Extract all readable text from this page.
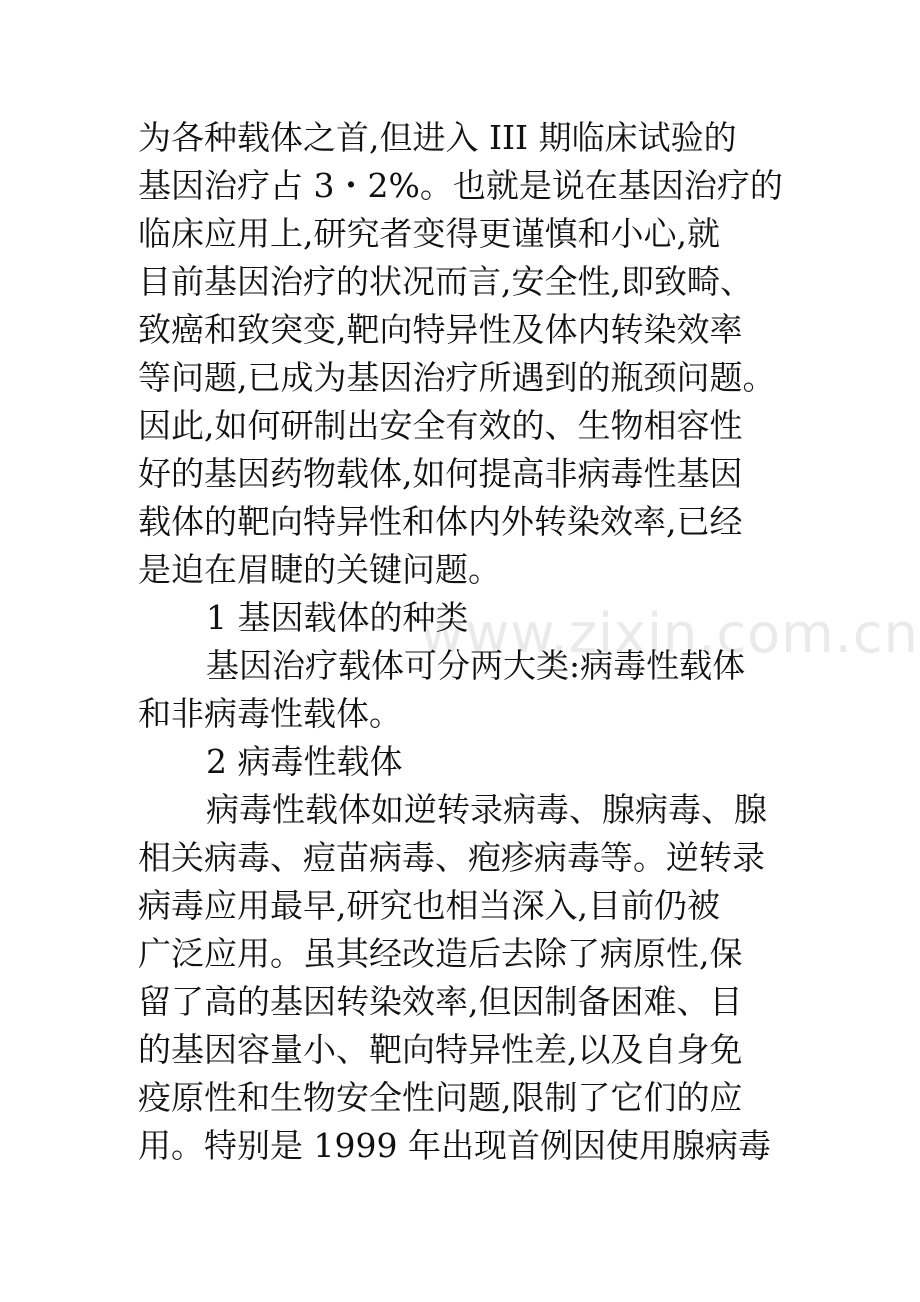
www.zixin.com.cn
为各种载体之首,但进入 III 期临床试验的
基因治疗占 3・2%。也就是说在基因治疗的
临床应用上,研究者变得更谨慎和小心,就
目前基因治疗的状况而言,安全性,即致畸、
致癌和致突变,靶向特异性及体内转染效率
等问题,已成为基因治疗所遇到的瓶颈问题。
因此,如何研制出安全有效的、生物相容性
好的基因药物载体,如何提高非病毒性基因
载体的靶向特异性和体内外转染效率,已经
是迫在眉睫的关键问题。
1 基因载体的种类
基因治疗载体可分两大类:病毒性载体
和非病毒性载体。
2 病毒性载体
病毒性载体如逆转录病毒、腺病毒、腺
相关病毒、痘苗病毒、疱疹病毒等。逆转录
病毒应用最早,研究也相当深入,目前仍被
广泛应用。虽其经改造后去除了病原性,保
留了高的基因转染效率,但因制备困难、目
的基因容量小、靶向特异性差,以及自身免
疫原性和生物安全性问题,限制了它们的应
用。特别是 1999 年出现首例因使用腺病毒
